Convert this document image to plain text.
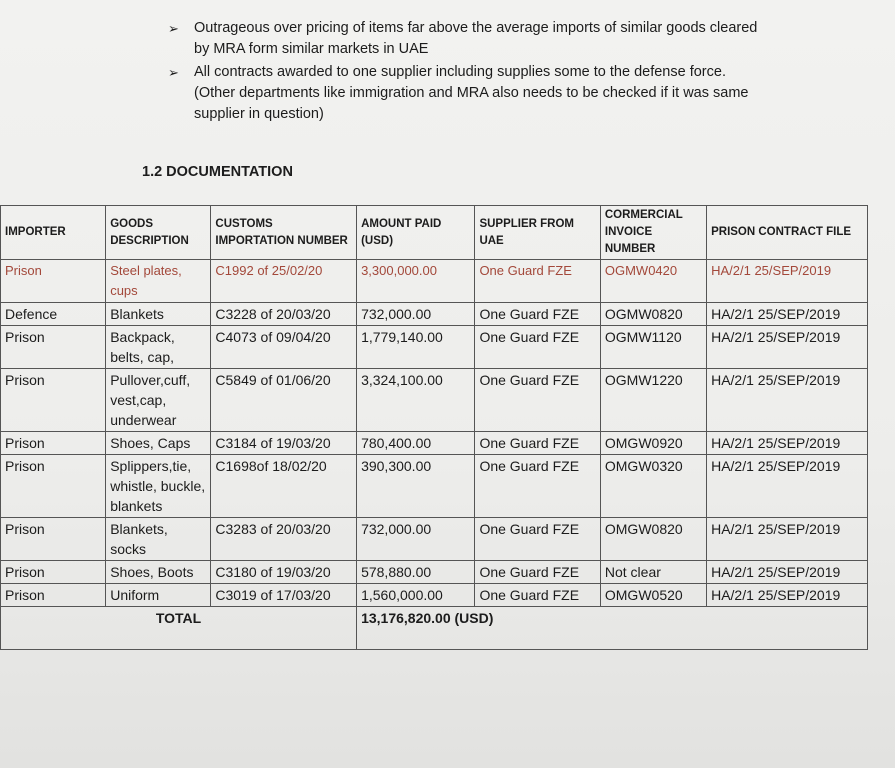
➢	Outrageous over pricing of items far above the average imports of similar goods cleared by MRA form similar markets in UAE
➢	All contracts awarded to one supplier including supplies some to the defense force. (Other departments like immigration and MRA also needs to be checked if it was same supplier in question)
1.2 DOCUMENTATION
IMPORTER	GOODS DESCRIPTION	CUSTOMS IMPORTATION NUMBER	AMOUNT PAID (USD)	SUPPLIER FROM UAE	CORMERCIAL INVOICE NUMBER	PRISON CONTRACT FILE
Prison	Steel plates, cups	C1992 of 25/02/20	3,300,000.00	One Guard FZE	OGMW0420	HA/2/1 25/SEP/2019
Defence	Blankets	C3228 of 20/03/20	732,000.00	One Guard FZE	OGMW0820	HA/2/1 25/SEP/2019
Prison	Backpack, belts, cap,	C4073 of 09/04/20	1,779,140.00	One Guard FZE	OGMW1120	HA/2/1 25/SEP/2019
Prison	Pullover,cuff, vest,cap, underwear	C5849 of 01/06/20	3,324,100.00	One Guard FZE	OGMW1220	HA/2/1 25/SEP/2019
Prison	Shoes, Caps	C3184 of 19/03/20	780,400.00	One Guard FZE	OMGW0920	HA/2/1 25/SEP/2019
Prison	Splippers,tie, whistle, buckle, blankets	C1698of 18/02/20	390,300.00	One Guard FZE	OMGW0320	HA/2/1 25/SEP/2019
Prison	Blankets, socks	C3283 of 20/03/20	732,000.00	One Guard FZE	OMGW0820	HA/2/1 25/SEP/2019
Prison	Shoes, Boots	C3180 of 19/03/20	578,880.00	One Guard FZE	Not clear	HA/2/1 25/SEP/2019
Prison	Uniform	C3019 of 17/03/20	1,560,000.00	One Guard FZE	OMGW0520	HA/2/1 25/SEP/2019
TOTAL			13,176,820.00 (USD)			
